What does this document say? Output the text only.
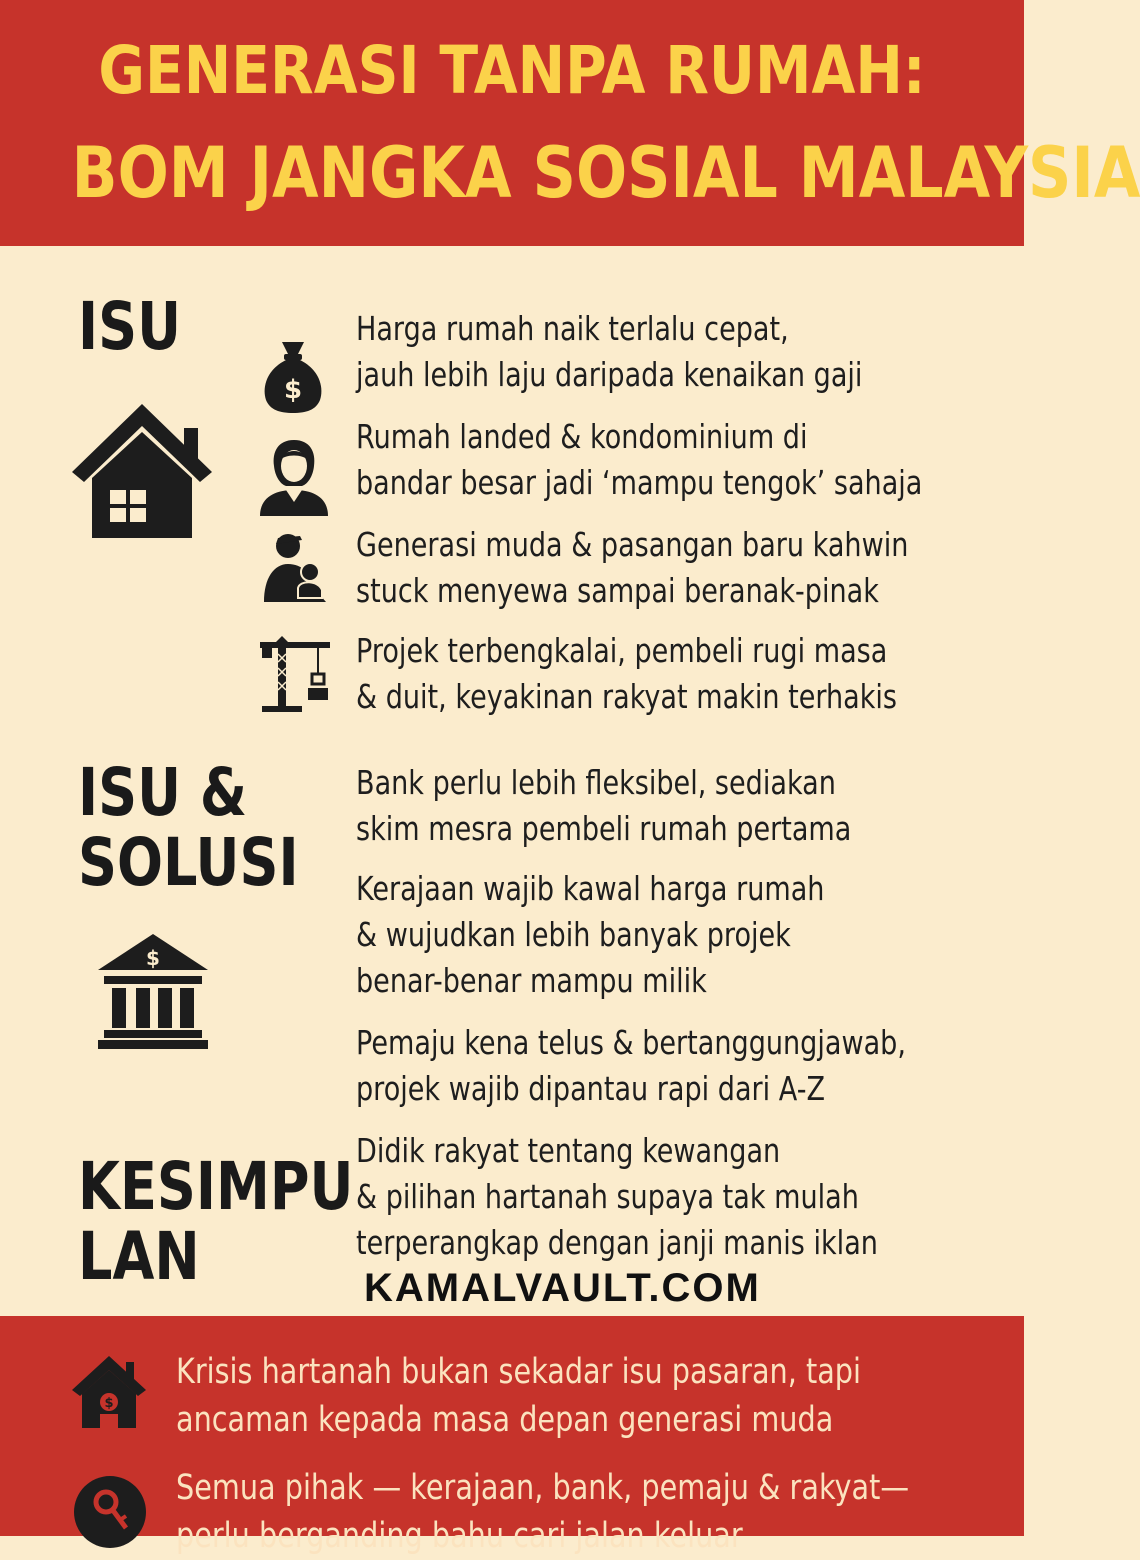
GENERASI TANPA RUMAH:
BOM JANGKA SOSIAL MALAYSIA
ISU
ISU &
SOLUSI
KESIMPU
LAN
$
$
Harga rumah naik terlalu cepat,
jauh lebih laju daripada kenaikan gaji
Rumah landed & kondominium di
bandar besar jadi ‘mampu tengok’ sahaja
Generasi muda & pasangan baru kahwin
stuck menyewa sampai beranak-pinak
Projek terbengkalai, pembeli rugi masa
& duit, keyakinan rakyat makin terhakis
Bank perlu lebih fleksibel, sediakan
skim mesra pembeli rumah pertama
Kerajaan wajib kawal harga rumah
& wujudkan lebih banyak projek
benar-benar mampu milik
Pemaju kena telus & bertanggungjawab,
projek wajib dipantau rapi dari A-Z
Didik rakyat tentang kewangan
& pilihan hartanah supaya tak mulah
terperangkap dengan janji manis iklan
KAMALVAULT.COM
$
Krisis hartanah bukan sekadar isu pasaran, tapi
ancaman kepada masa depan generasi muda
Semua pihak — kerajaan, bank, pemaju & rakyat—
perlu berganding bahu cari jalan keluar
